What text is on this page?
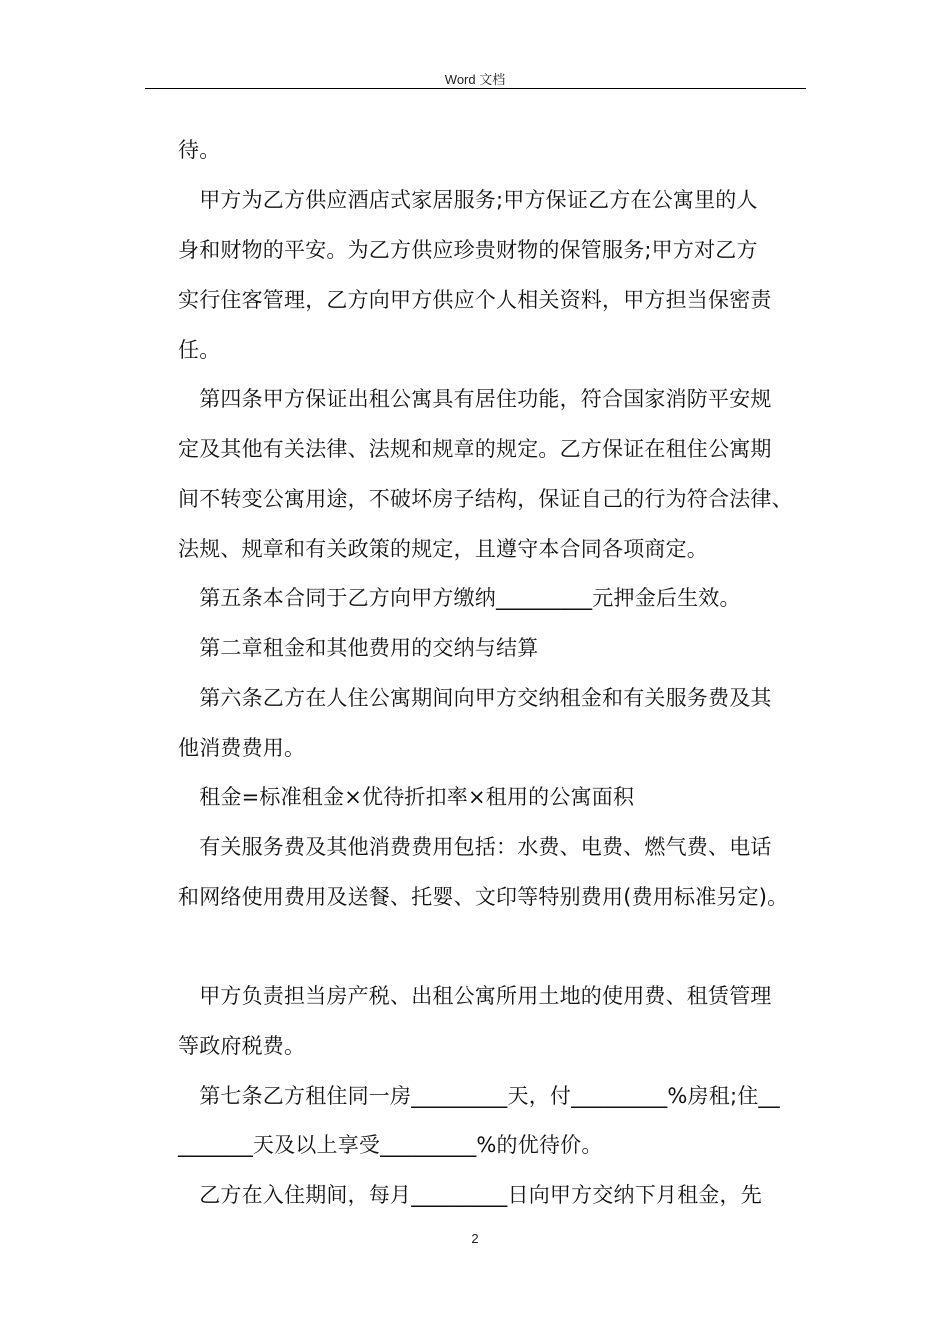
Word 文档
待。
　甲方为乙方供应酒店式家居服务;甲方保证乙方在公寓里的人
身和财物的平安。为乙方供应珍贵财物的保管服务;甲方对乙方
实行住客管理，乙方向甲方供应个人相关资料，甲方担当保密责
任。
　第四条甲方保证出租公寓具有居住功能，符合国家消防平安规
定及其他有关法律、法规和规章的规定。乙方保证在租住公寓期
间不转变公寓用途，不破坏房子结构，保证自己的行为符合法律、
法规、规章和有关政策的规定，且遵守本合同各项商定。
　第五条本合同于乙方向甲方缴纳_________元押金后生效。
　第二章租金和其他费用的交纳与结算
　第六条乙方在人住公寓期间向甲方交纳租金和有关服务费及其
他消费费用。
　租金=标准租金×优待折扣率×租用的公寓面积
　有关服务费及其他消费费用包括：水费、电费、燃气费、电话
和网络使用费用及送餐、托婴、文印等特别费用(费用标准另定)。
　甲方负责担当房产税、出租公寓所用土地的使用费、租赁管理
等政府税费。
　第七条乙方租住同一房_________天，付_________%房租;住__
_______天及以上享受_________%的优待价。
　乙方在入住期间，每月_________日向甲方交纳下月租金，先
2
